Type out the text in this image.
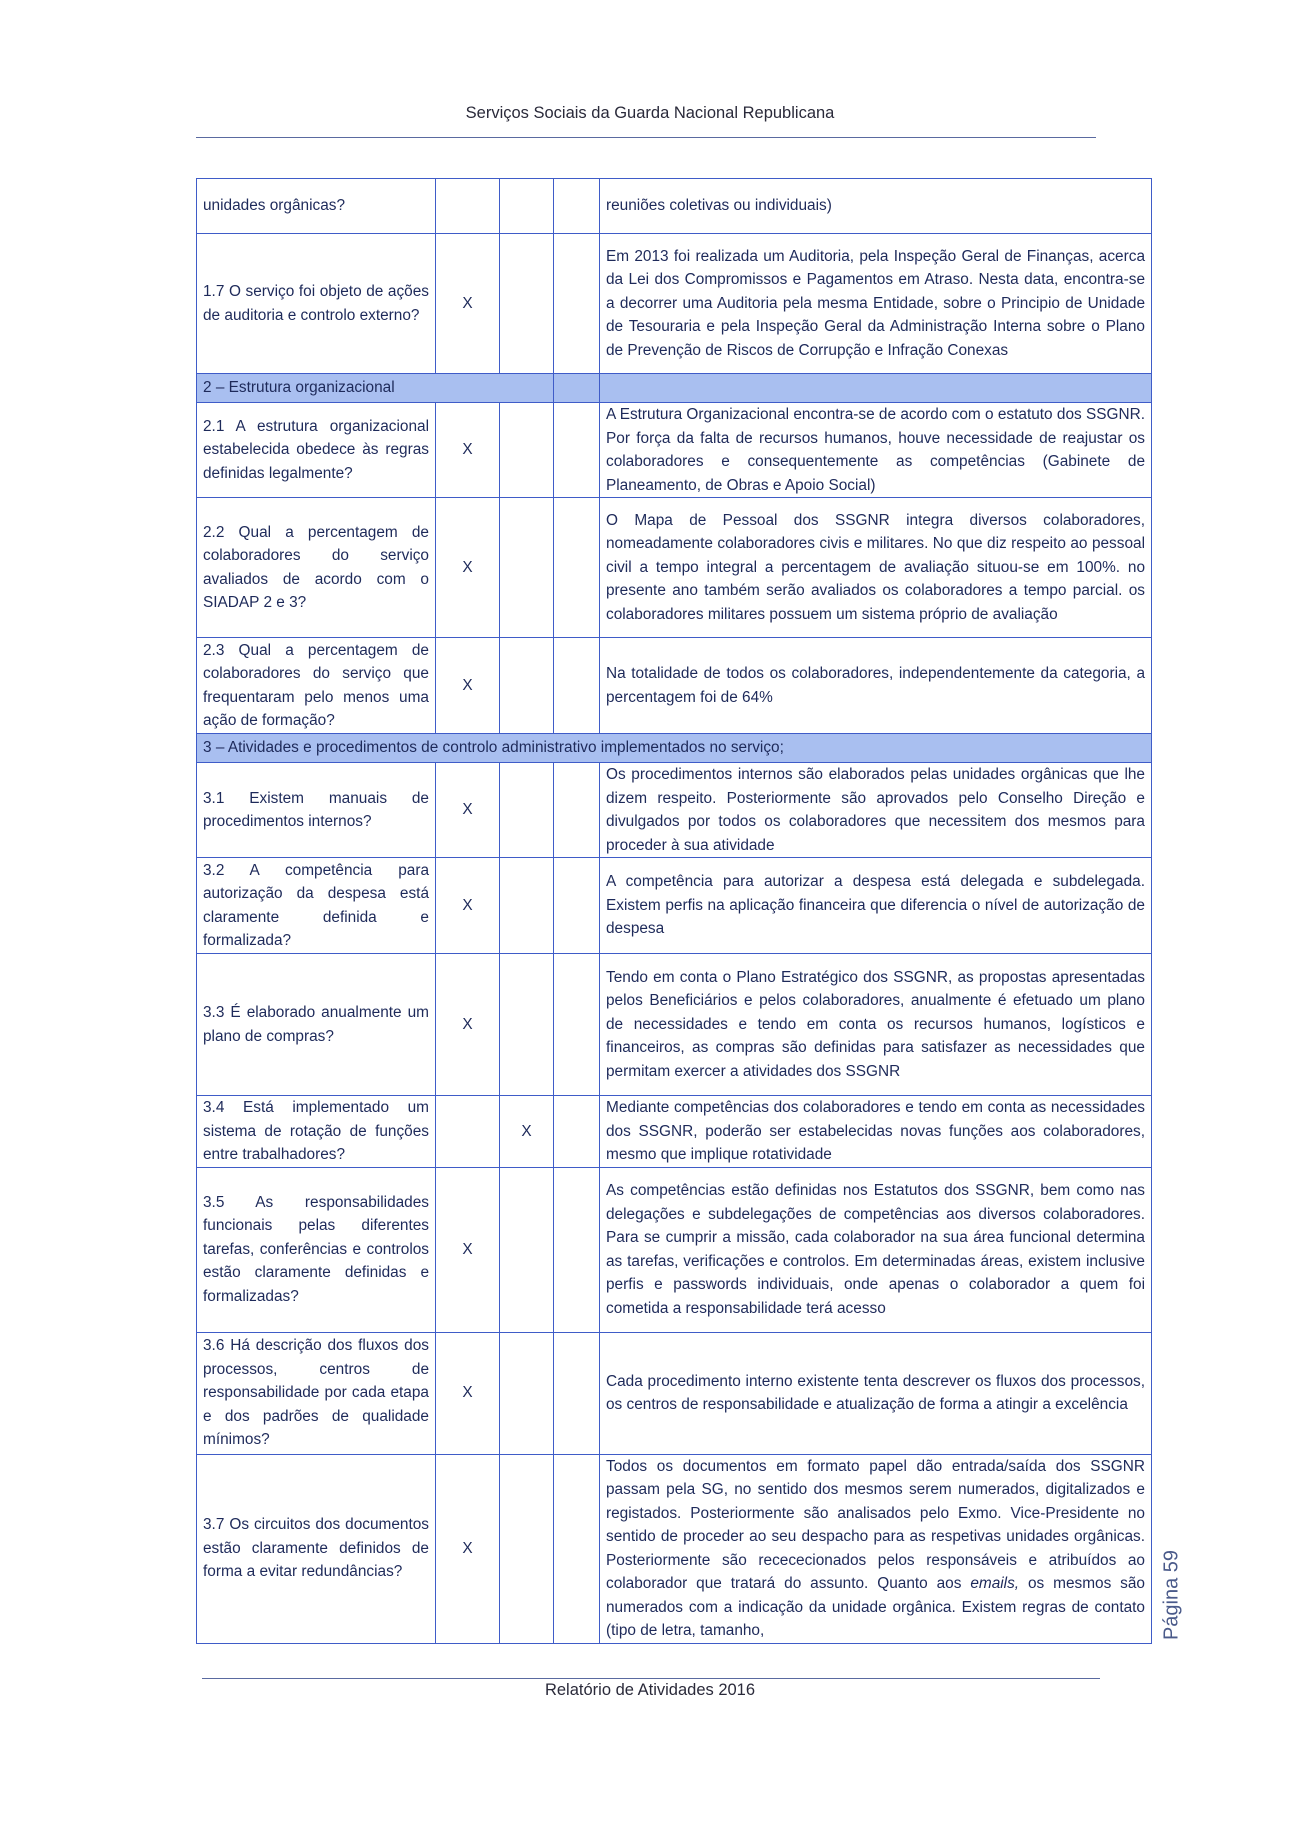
Serviços Sociais da Guarda Nacional Republicana
unidades orgânicas?				reuniões coletivas ou individuais)
1.7 O serviço foi objeto de ações de auditoria e controlo externo?	X			Em 2013 foi realizada um Auditoria, pela Inspeção Geral de Finanças, acerca da Lei dos Compromissos e Pagamentos em Atraso. Nesta data, encontra-se a decorrer uma Auditoria pela mesma Entidade, sobre o Principio de Unidade de Tesouraria e pela Inspeção Geral da Administração Interna sobre o Plano de Prevenção de Riscos de Corrupção e Infração Conexas
2 – Estrutura organizacional				
2.1 A estrutura organizacional estabelecida obedece às regras definidas legalmente?	X			A Estrutura Organizacional encontra-se de acordo com o estatuto dos SSGNR. Por força da falta de recursos humanos, houve necessidade de reajustar os colaboradores e consequentemente as competências (Gabinete de Planeamento, de Obras e Apoio Social)
2.2 Qual a percentagem de colaboradores do serviço avaliados de acordo com o SIADAP 2 e 3?	X			O Mapa de Pessoal dos SSGNR integra diversos colaboradores, nomeadamente colaboradores civis e militares. No que diz respeito ao pessoal civil a tempo integral a percentagem de avaliação situou-se em 100%. no presente ano também serão avaliados os colaboradores a tempo parcial. os colaboradores militares possuem um sistema próprio de avaliação
2.3 Qual a percentagem de colaboradores do serviço que frequentaram pelo menos uma ação de formação?	X			Na totalidade de todos os colaboradores, independentemente da categoria, a percentagem foi de 64%
3 – Atividades e procedimentos de controlo administrativo implementados no serviço;				
3.1 Existem manuais de procedimentos internos?	X			Os procedimentos internos são elaborados pelas unidades orgânicas que lhe dizem respeito. Posteriormente são aprovados pelo Conselho Direção e divulgados por todos os colaboradores que necessitem dos mesmos para proceder à sua atividade
3.2 A competência para autorização da despesa está claramente definida e formalizada?	X			A competência para autorizar a despesa está delegada e subdelegada. Existem perfis na aplicação financeira que diferencia o nível de autorização de despesa
3.3 É elaborado anualmente um plano de compras?	X			Tendo em conta o Plano Estratégico dos SSGNR, as propostas apresentadas pelos Beneficiários e pelos colaboradores, anualmente é efetuado um plano de necessidades e tendo em conta os recursos humanos, logísticos e financeiros, as compras são definidas para satisfazer as necessidades que permitam exercer a atividades dos SSGNR
3.4 Está implementado um sistema de rotação de funções entre trabalhadores?		X		Mediante competências dos colaboradores e tendo em conta as necessidades dos SSGNR, poderão ser estabelecidas novas funções aos colaboradores, mesmo que implique rotatividade
3.5 As responsabilidades funcionais pelas diferentes tarefas, conferências e controlos estão claramente definidas e formalizadas?	X			As competências estão definidas nos Estatutos dos SSGNR, bem como nas delegações e subdelegações de competências aos diversos colaboradores. Para se cumprir a missão, cada colaborador na sua área funcional determina as tarefas, verificações e controlos. Em determinadas áreas, existem inclusive perfis e passwords individuais, onde apenas o colaborador a quem foi cometida a responsabilidade terá acesso
3.6 Há descrição dos fluxos dos processos, centros de responsabilidade por cada etapa e dos padrões de qualidade mínimos?	X			Cada procedimento interno existente tenta descrever os fluxos dos processos, os centros de responsabilidade e atualização de forma a atingir a excelência
3.7 Os circuitos dos documentos estão claramente definidos de forma a evitar redundâncias?	X			Todos os documentos em formato papel dão entrada/saída dos SSGNR passam pela SG, no sentido dos mesmos serem numerados, digitalizados e registados. Posteriormente são analisados pelo Exmo. Vice-Presidente no sentido de proceder ao seu despacho para as respetivas unidades orgânicas. Posteriormente são recececionados pelos responsáveis e atribuídos ao colaborador que tratará do assunto. Quanto aos emails, os mesmos são numerados com a indicação da unidade orgânica. Existem regras de contato (tipo de letra, tamanho,	Página 59
Relatório de Atividades 2016
